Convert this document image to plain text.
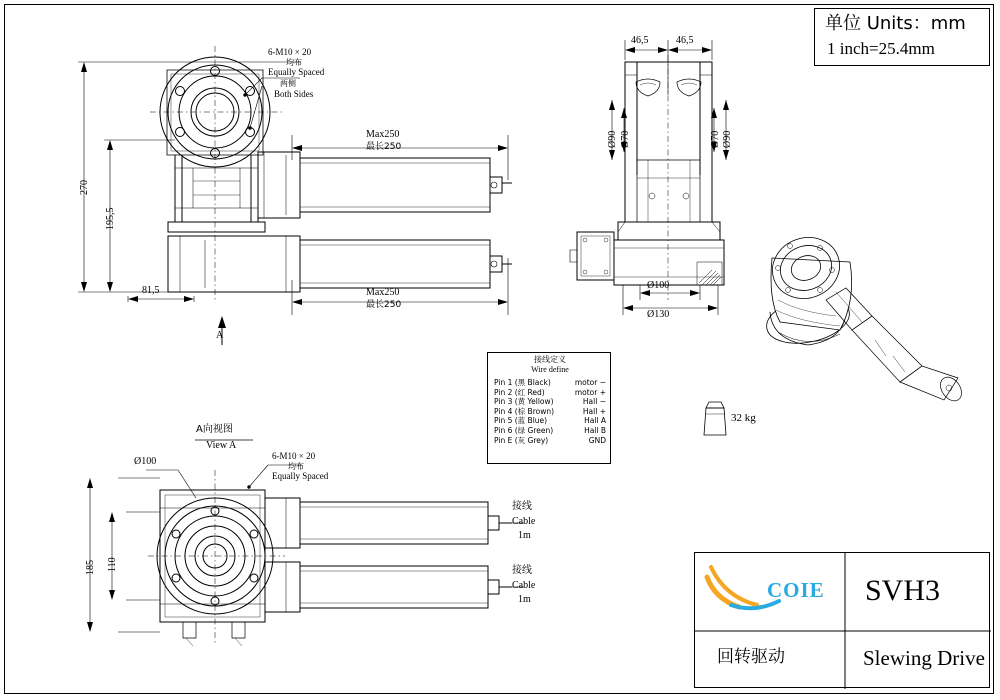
单位 Units：mm
1 inch=25.4mm
6-M10 × 20
均布
Equally Spaced
两侧
Both Sides
270
195,5
81,5
Max250
最长250
Max250
最长250
A
46,5	46,5
Ø90 Ø70	Ø70 Ø90
Ø100
Ø130
A向视图
View A
Ø100
185 110
6-M10 × 20
均布
Equally Spaced
接线
Cable
1m
接线
Cable
1m
接线定义
Wire define
Pin 1 (黑 Black)	motor −
Pin 2 (红 Red)	motor +
Pin 3 (黄 Yellow)	Hall −
Pin 4 (棕 Brown)	Hall +
Pin 5 (蓝 Blue)	Hall A
Pin 6 (绿 Green)	Hall B
Pin E (灰 Grey)	GND
32 kg
COIE SVH3
回转驱动	Slewing Drive
